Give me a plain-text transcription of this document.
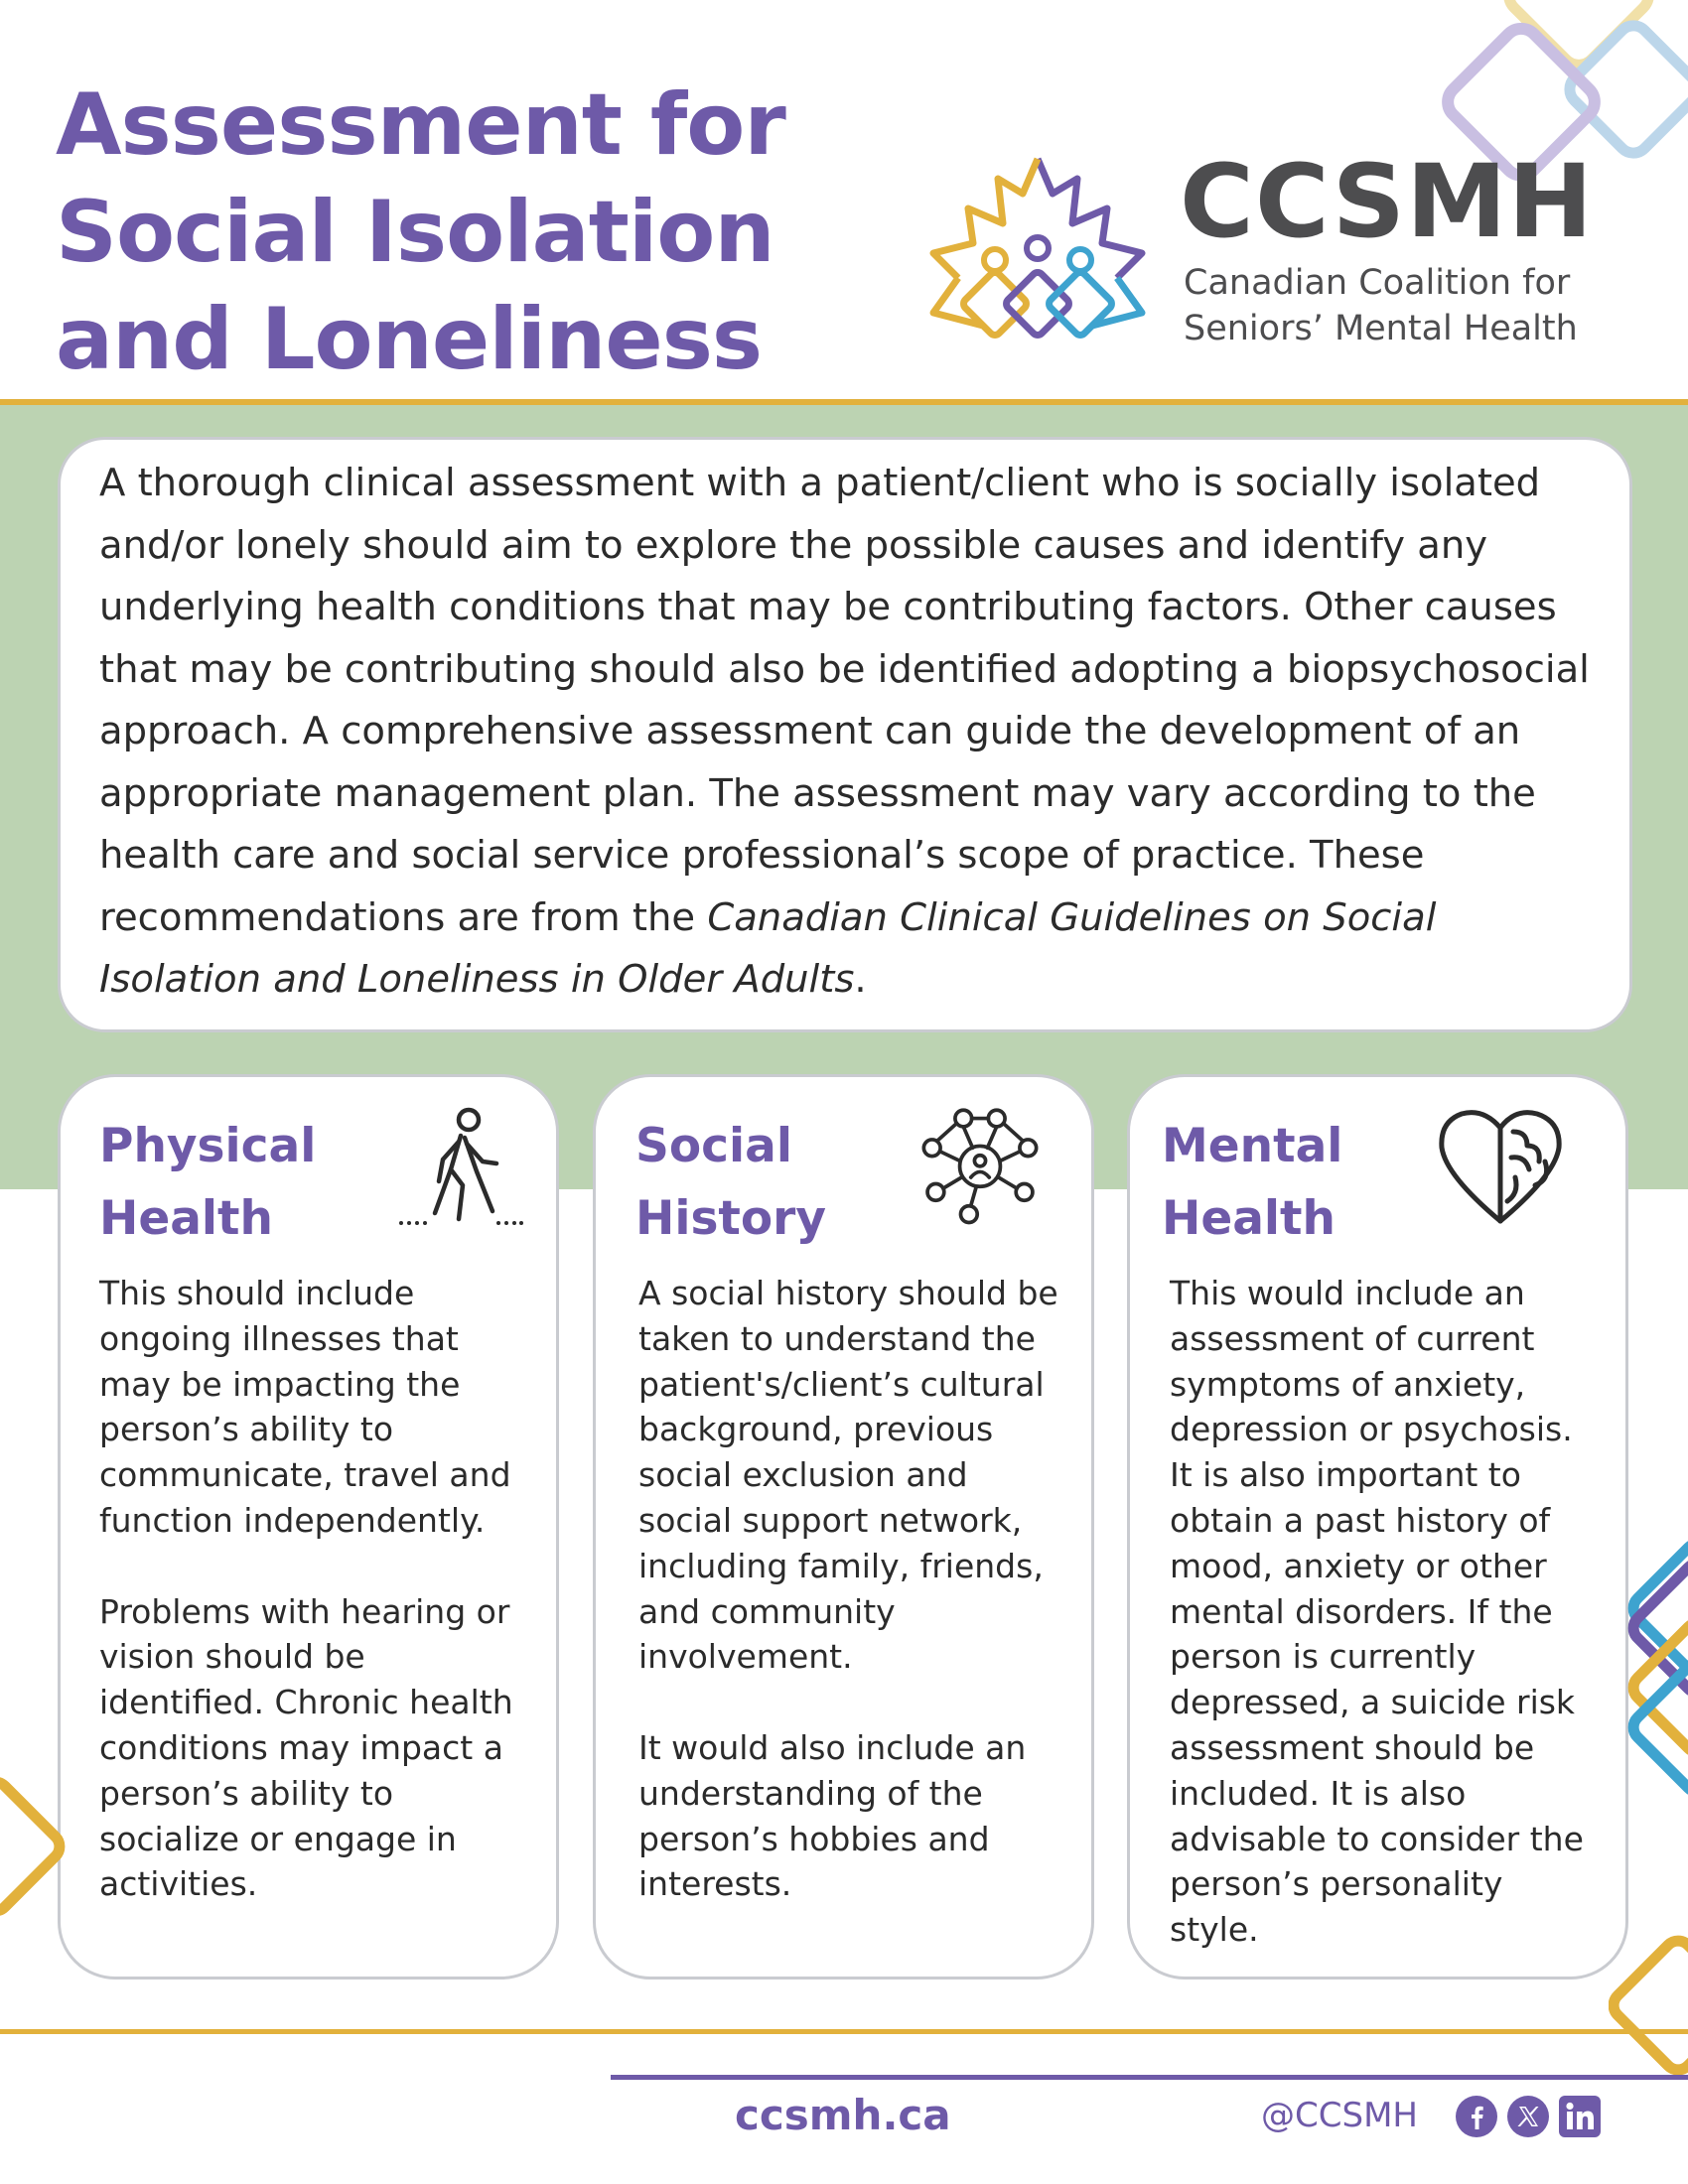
Assessment for
Social Isolation
and Loneliness
CCSMH
Canadian Coalition for
Seniors’ Mental Health
A thorough clinical assessment with a patient/client who is socially isolated and/or lonely should aim to explore the possible causes and identify any underlying health conditions that may be contributing factors. Other causes that may be contributing should also be identified adopting a biopsychosocial approach. A comprehensive assessment can guide the development of an appropriate management plan. The assessment may vary according to the health care and social service professional’s scope of practice. These recommendations are from the Canadian Clinical Guidelines on Social Isolation and Loneliness in Older Adults.
Physical
Health

This should include ongoing illnesses that may be impacting the person’s ability to communicate, travel and function independently.

Problems with hearing or vision should be identified. Chronic health conditions may impact a person’s ability to socialize or engage in activities.

Social
History

A social history should be taken to understand the patient's/client’s cultural background, previous social exclusion and social support network, including family, friends, and community involvement.

It would also include an understanding of the person’s hobbies and interests.

Mental
Health

This would include an assessment of current symptoms of anxiety, depression or psychosis. It is also important to obtain a past history of mood, anxiety or other mental disorders. If the person is currently depressed, a suicide risk assessment should be included. It is also advisable to consider the person’s personality style.

ccsmh.ca	@CCSMH
